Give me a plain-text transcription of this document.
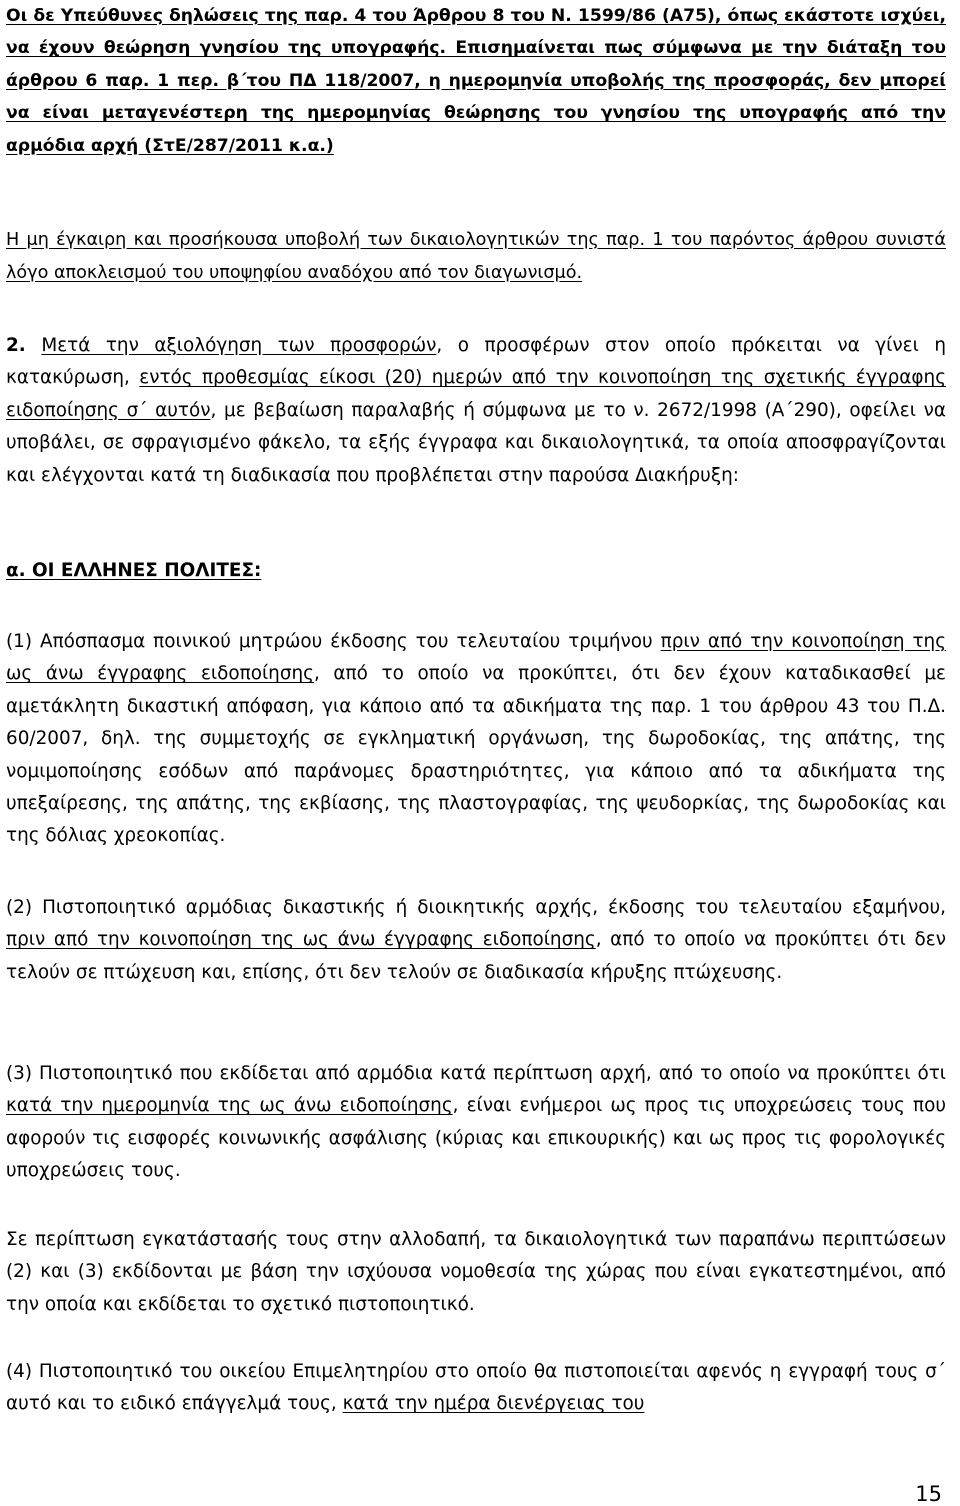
Οι δε Υπεύθυνες δηλώσεις της παρ. 4 του Άρθρου 8 του Ν. 1599/86 (Α75), όπως εκάστοτε ισχύει, να έχουν θεώρηση γνησίου της υπογραφής. Επισημαίνεται πως σύμφωνα με την διάταξη του άρθρου 6 παρ. 1 περ. β΄του ΠΔ 118/2007, η ημερομηνία υποβολής της προσφοράς, δεν μπορεί να είναι μεταγενέστερη της ημερομηνίας θεώρησης του γνησίου της υπογραφής από την αρμόδια αρχή (ΣτΕ/287/2011 κ.α.)

Η μη έγκαιρη και προσήκουσα υποβολή των δικαιολογητικών της παρ. 1 του παρόντος άρθρου συνιστά λόγο αποκλεισμού του υποψηφίου αναδόχου από τον διαγωνισμό.

2. Μετά την αξιολόγηση των προσφορών, ο προσφέρων στον οποίο πρόκειται να γίνει η κατακύρωση, εντός προθεσμίας είκοσι (20) ημερών από την κοινοποίηση της σχετικής έγγραφης ειδοποίησης σ΄ αυτόν, με βεβαίωση παραλαβής ή σύμφωνα με το ν. 2672/1998 (Α΄290), οφείλει να υποβάλει, σε σφραγισμένο φάκελο, τα εξής έγγραφα και δικαιολογητικά, τα οποία αποσφραγίζονται και ελέγχονται κατά τη διαδικασία που προβλέπεται στην παρούσα Διακήρυξη:

α. ΟΙ ΕΛΛΗΝΕΣ ΠΟΛΙΤΕΣ:

(1) Απόσπασμα ποινικού μητρώου έκδοσης του τελευταίου τριμήνου πριν από την κοινοποίηση της ως άνω έγγραφης ειδοποίησης, από το οποίο να προκύπτει, ότι δεν έχουν καταδικασθεί με αμετάκλητη δικαστική απόφαση, για κάποιο από τα αδικήματα της παρ. 1 του άρθρου 43 του Π.Δ. 60/2007, δηλ. της συμμετοχής σε εγκληματική οργάνωση, της δωροδοκίας, της απάτης, της νομιμοποίησης εσόδων από παράνομες δραστηριότητες, για κάποιο από τα αδικήματα της υπεξαίρεσης, της απάτης, της εκβίασης, της πλαστογραφίας, της ψευδορκίας, της δωροδοκίας και της δόλιας χρεοκοπίας.

(2) Πιστοποιητικό αρμόδιας δικαστικής ή διοικητικής αρχής, έκδοσης του τελευταίου εξαμήνου, πριν από την κοινοποίηση της ως άνω έγγραφης ειδοποίησης, από το οποίο να προκύπτει ότι δεν τελούν σε πτώχευση και, επίσης, ότι δεν τελούν σε διαδικασία κήρυξης πτώχευσης.

(3) Πιστοποιητικό που εκδίδεται από αρμόδια κατά περίπτωση αρχή, από το οποίο να προκύπτει ότι κατά την ημερομηνία της ως άνω ειδοποίησης, είναι ενήμεροι ως προς τις υποχρεώσεις τους που αφορούν τις εισφορές κοινωνικής ασφάλισης (κύριας και επικουρικής) και ως προς τις φορολογικές υποχρεώσεις τους.

Σε περίπτωση εγκατάστασής τους στην αλλοδαπή, τα δικαιολογητικά των παραπάνω περιπτώσεων (2) και (3) εκδίδονται με βάση την ισχύουσα νομοθεσία της χώρας που είναι εγκατεστημένοι, από την οποία και εκδίδεται το σχετικό πιστοποιητικό.

(4) Πιστοποιητικό του οικείου Επιμελητηρίου στο οποίο θα πιστοποιείται αφενός η εγγραφή τους σ΄ αυτό και το ειδικό επάγγελμά τους, κατά την ημέρα διενέργειας του

15
